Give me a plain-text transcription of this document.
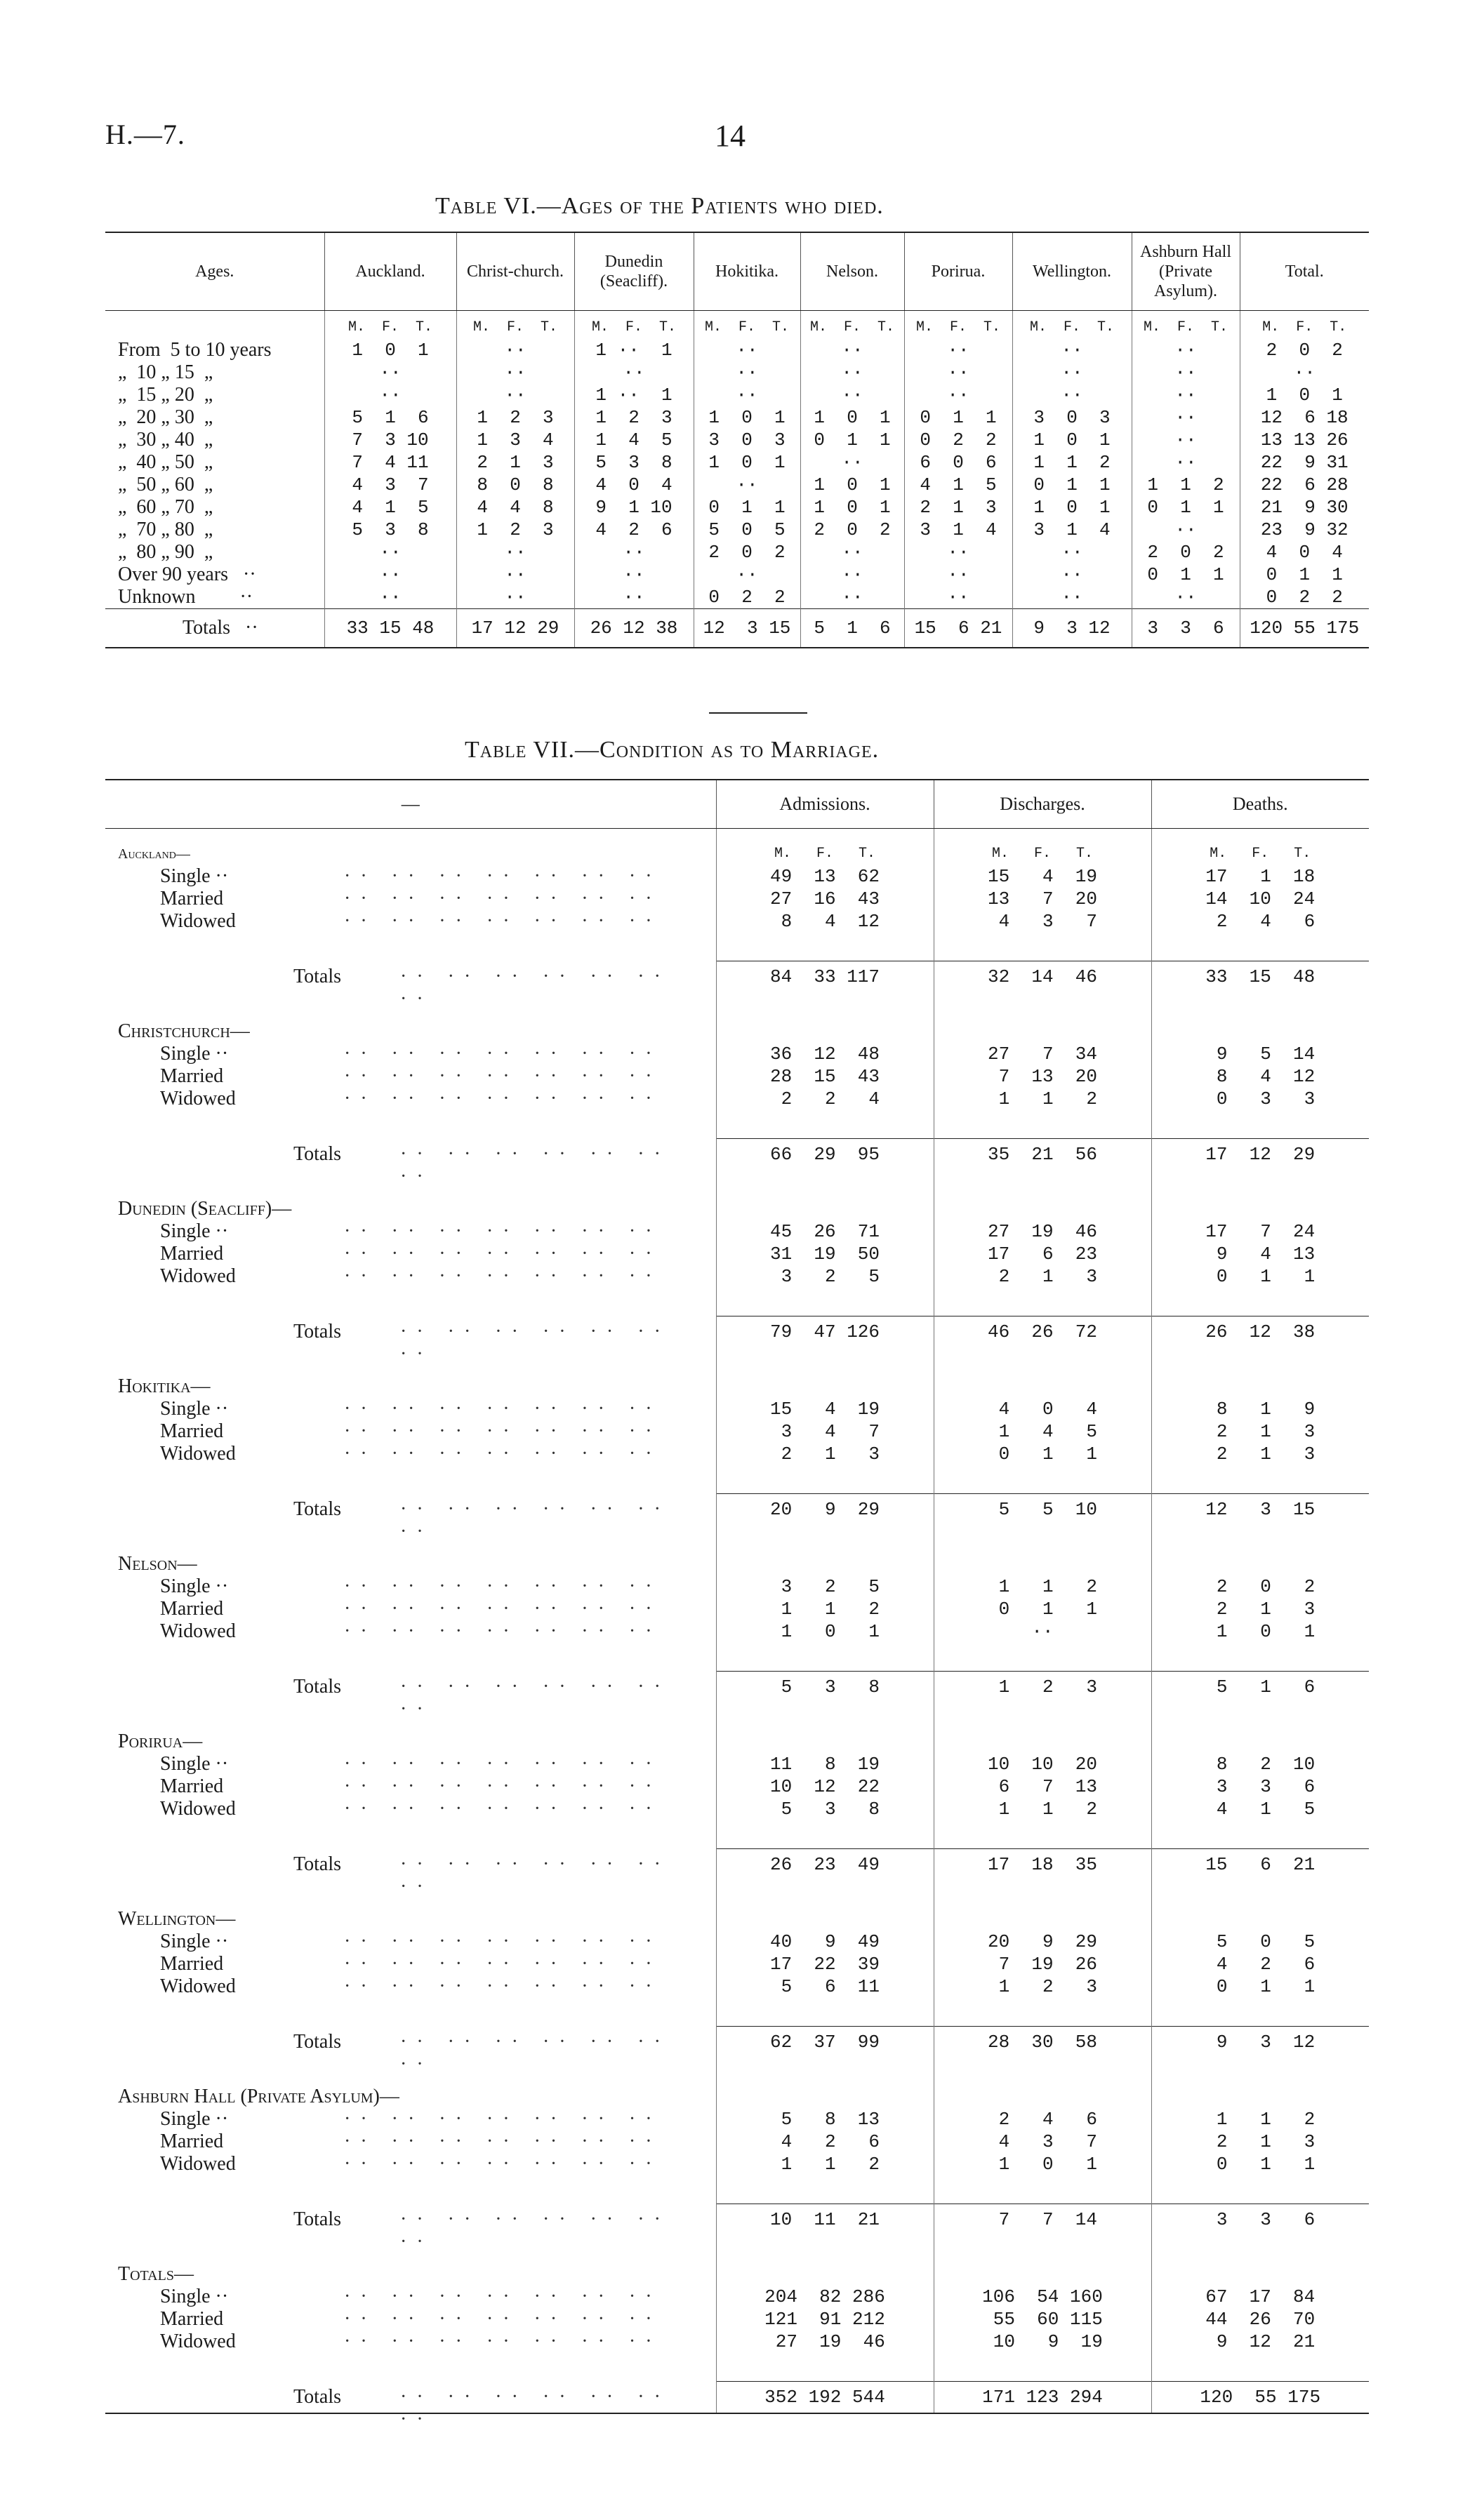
H.—7.	14
Table VI.—Ages of the Patients who died.
Ages.	Auckland.	Christ-church.	Dunedin (Seacliff).	Hokitika.	Nelson.	Porirua.	Wellington.	Ashburn Hall (Private Asylum).	Total.
	M.  F.  T.	M.  F.  T.	M.  F.  T.	M.  F.  T.	M.  F.  T.	M.  F.  T.	M.  F.  T.	M.  F.  T.	M.  F.  T.
From  5 to 10 years	1  0  1	··	1 ··  1	··	··	··	··	··	2  0  2
„  10 „ 15  „	··	··	··	··	··	··	··	··	··
„  15 „ 20  „	··	··	1 ··  1	··	··	··	··	··	1  0  1
„  20 „ 30  „	5  1  6	1  2  3	1  2  3	1  0  1	1  0  1	0  1  1	3  0  3	··	12  6 18
„  30 „ 40  „	7  3 10	1  3  4	1  4  5	3  0  3	0  1  1	0  2  2	1  0  1	··	13 13 26
„  40 „ 50  „	7  4 11	2  1  3	5  3  8	1  0  1	··	6  0  6	1  1  2	··	22  9 31
„  50 „ 60  „	4  3  7	8  0  8	4  0  4	··	1  0  1	4  1  5	0  1  1	1  1  2	22  6 28
„  60 „ 70  „	4  1  5	4  4  8	9  1 10	0  1  1	1  0  1	2  1  3	1  0  1	0  1  1	21  9 30
„  70 „ 80  „	5  3  8	1  2  3	4  2  6	5  0  5	2  0  2	3  1  4	3  1  4	··	23  9 32
„  80 „ 90  „	··	··	··	2  0  2	··	··	··	2  0  2	4  0  4
Over 90 years   ··	··	··	··	··	··	··	··	0  1  1	0  1  1
Unknown         ··	··	··	··	0  2  2	··	··	··	··	0  2  2
Totals   ··	33 15 48	17 12 29	26 12 38	12  3 15	5  1  6	15  6 21	9  3 12	3  3  6	120 55 175
Table VII.—Condition as to Marriage.
—	Admissions.	Discharges.	Deaths.
Auckland—	M.   F.   T.	M.   F.   T.	M.   F.   T.
Single ·· ·· ·· ·· ·· ·· ·· ··	49  13  62	15   4  19	17   1  18
Married ·· ·· ·· ·· ·· ·· ··	27  16  43	13   7  20	14  10  24
Widowed ·· ·· ·· ·· ·· ·· ··	8   4  12	4   3   7	2   4   6

Totals ·· ·· ·· ·· ·· ·· ··	84  33 117	32  14  46	33  15  48

Christchurch—			
Single ·· ·· ·· ·· ·· ·· ·· ··	36  12  48	27   7  34	9   5  14
Married ·· ·· ·· ·· ·· ·· ··	28  15  43	7  13  20	8   4  12
Widowed ·· ·· ·· ·· ·· ·· ··	2   2   4	1   1   2	0   3   3

Totals ·· ·· ·· ·· ·· ·· ··	66  29  95	35  21  56	17  12  29

Dunedin (Seacliff)—			
Single ·· ·· ·· ·· ·· ·· ·· ··	45  26  71	27  19  46	17   7  24
Married ·· ·· ·· ·· ·· ·· ··	31  19  50	17   6  23	9   4  13
Widowed ·· ·· ·· ·· ·· ·· ··	3   2   5	2   1   3	0   1   1

Totals ·· ·· ·· ·· ·· ·· ··	79  47 126	46  26  72	26  12  38

Hokitika—			
Single ·· ·· ·· ·· ·· ·· ·· ··	15   4  19	4   0   4	8   1   9
Married ·· ·· ·· ·· ·· ·· ··	3   4   7	1   4   5	2   1   3
Widowed ·· ·· ·· ·· ·· ·· ··	2   1   3	0   1   1	2   1   3

Totals ·· ·· ·· ·· ·· ·· ··	20   9  29	5   5  10	12   3  15

Nelson—			
Single ·· ·· ·· ·· ·· ·· ·· ··	3   2   5	1   1   2	2   0   2
Married ·· ·· ·· ·· ·· ·· ··	1   1   2	0   1   1	2   1   3
Widowed ·· ·· ·· ·· ·· ·· ··	1   0   1	··	1   0   1

Totals ·· ·· ·· ·· ·· ·· ··	5   3   8	1   2   3	5   1   6

Porirua—			
Single ·· ·· ·· ·· ·· ·· ·· ··	11   8  19	10  10  20	8   2  10
Married ·· ·· ·· ·· ·· ·· ··	10  12  22	6   7  13	3   3   6
Widowed ·· ·· ·· ·· ·· ·· ··	5   3   8	1   1   2	4   1   5

Totals ·· ·· ·· ·· ·· ·· ··	26  23  49	17  18  35	15   6  21

Wellington—			
Single ·· ·· ·· ·· ·· ·· ·· ··	40   9  49	20   9  29	5   0   5
Married ·· ·· ·· ·· ·· ·· ··	17  22  39	7  19  26	4   2   6
Widowed ·· ·· ·· ·· ·· ·· ··	5   6  11	1   2   3	0   1   1

Totals ·· ·· ·· ·· ·· ·· ··	62  37  99	28  30  58	9   3  12

Ashburn Hall (Private Asylum)—			
Single ·· ·· ·· ·· ·· ·· ·· ··	5   8  13	2   4   6	1   1   2
Married ·· ·· ·· ·· ·· ·· ··	4   2   6	4   3   7	2   1   3
Widowed ·· ·· ·· ·· ·· ·· ··	1   1   2	1   0   1	0   1   1

Totals ·· ·· ·· ·· ·· ·· ··	10  11  21	7   7  14	3   3   6

Totals—			
Single ·· ·· ·· ·· ·· ·· ·· ··	204  82 286	106  54 160	67  17  84
Married ·· ·· ·· ·· ·· ·· ··	121  91 212	55  60 115	44  26  70
Widowed ·· ·· ·· ·· ·· ·· ··	27  19  46	10   9  19	9  12  21

Totals ·· ·· ·· ·· ·· ·· ··	352 192 544	171 123 294	120  55 175
